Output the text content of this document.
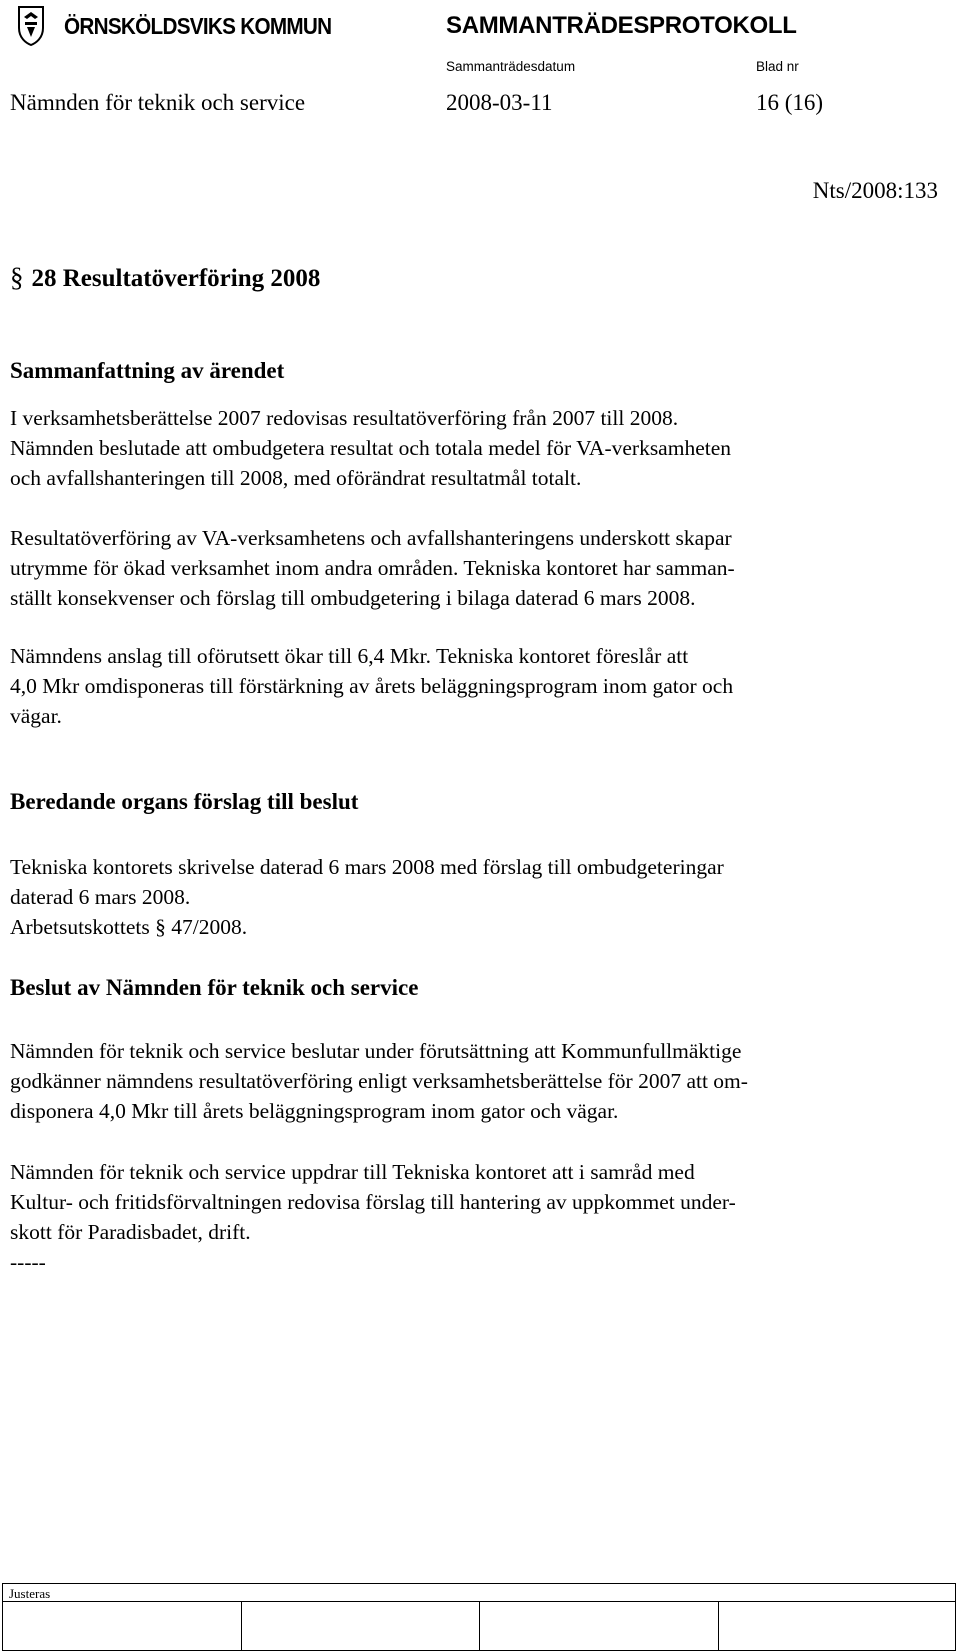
ÖRNSKÖLDSVIKS KOMMUN	SAMMANTRÄDESPROTOKOLL
Sammanträdesdatum	Blad nr
Nämnden för teknik och service	2008-03-11	16 (16)
Nts/2008:133
§ 28 Resultatöverföring 2008
Sammanfattning av ärendet
I verksamhetsberättelse 2007 redovisas resultatöverföring från 2007 till 2008.
Nämnden beslutade att ombudgetera resultat och totala medel för VA-verksamheten
och avfallshanteringen till 2008, med oförändrat resultatmål totalt.
Resultatöverföring av VA-verksamhetens och avfallshanteringens underskott skapar
utrymme för ökad verksamhet inom andra områden. Tekniska kontoret har samman-
ställt konsekvenser och förslag till ombudgetering i bilaga daterad 6 mars 2008.
Nämndens anslag till oförutsett ökar till 6,4 Mkr. Tekniska kontoret föreslår att
4,0 Mkr omdisponeras till förstärkning av årets beläggningsprogram inom gator och
vägar.
Beredande organs förslag till beslut
Tekniska kontorets skrivelse daterad 6 mars 2008 med förslag till ombudgeteringar
daterad 6 mars 2008.
Arbetsutskottets § 47/2008.
Beslut av Nämnden för teknik och service
Nämnden för teknik och service beslutar under förutsättning att Kommunfullmäktige
godkänner nämndens resultatöverföring enligt verksamhetsberättelse för 2007 att om-
disponera 4,0 Mkr till årets beläggningsprogram inom gator och vägar.
Nämnden för teknik och service uppdrar till Tekniska kontoret att i samråd med
Kultur- och fritidsförvaltningen redovisa förslag till hantering av uppkommet under-
skott för Paradisbadet, drift.
-----
Justeras
